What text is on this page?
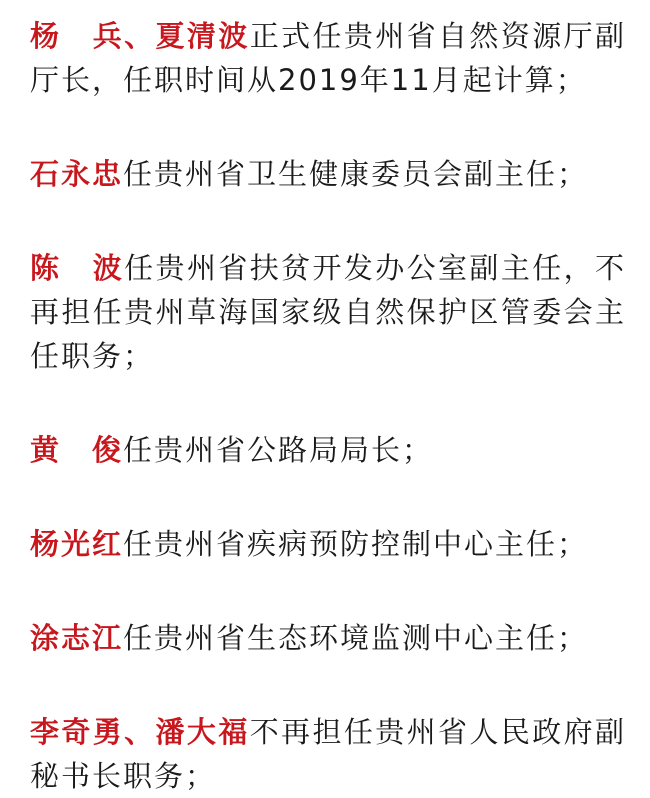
杨　兵、夏清波正式任贵州省自然资源厅副厅长，任职时间从2019年11月起计算；

石永忠任贵州省卫生健康委员会副主任；

陈　波任贵州省扶贫开发办公室副主任，不再担任贵州草海国家级自然保护区管委会主任职务；

黄　俊任贵州省公路局局长；

杨光红任贵州省疾病预防控制中心主任；

涂志江任贵州省生态环境监测中心主任；

李奇勇、潘大福不再担任贵州省人民政府副秘书长职务；
